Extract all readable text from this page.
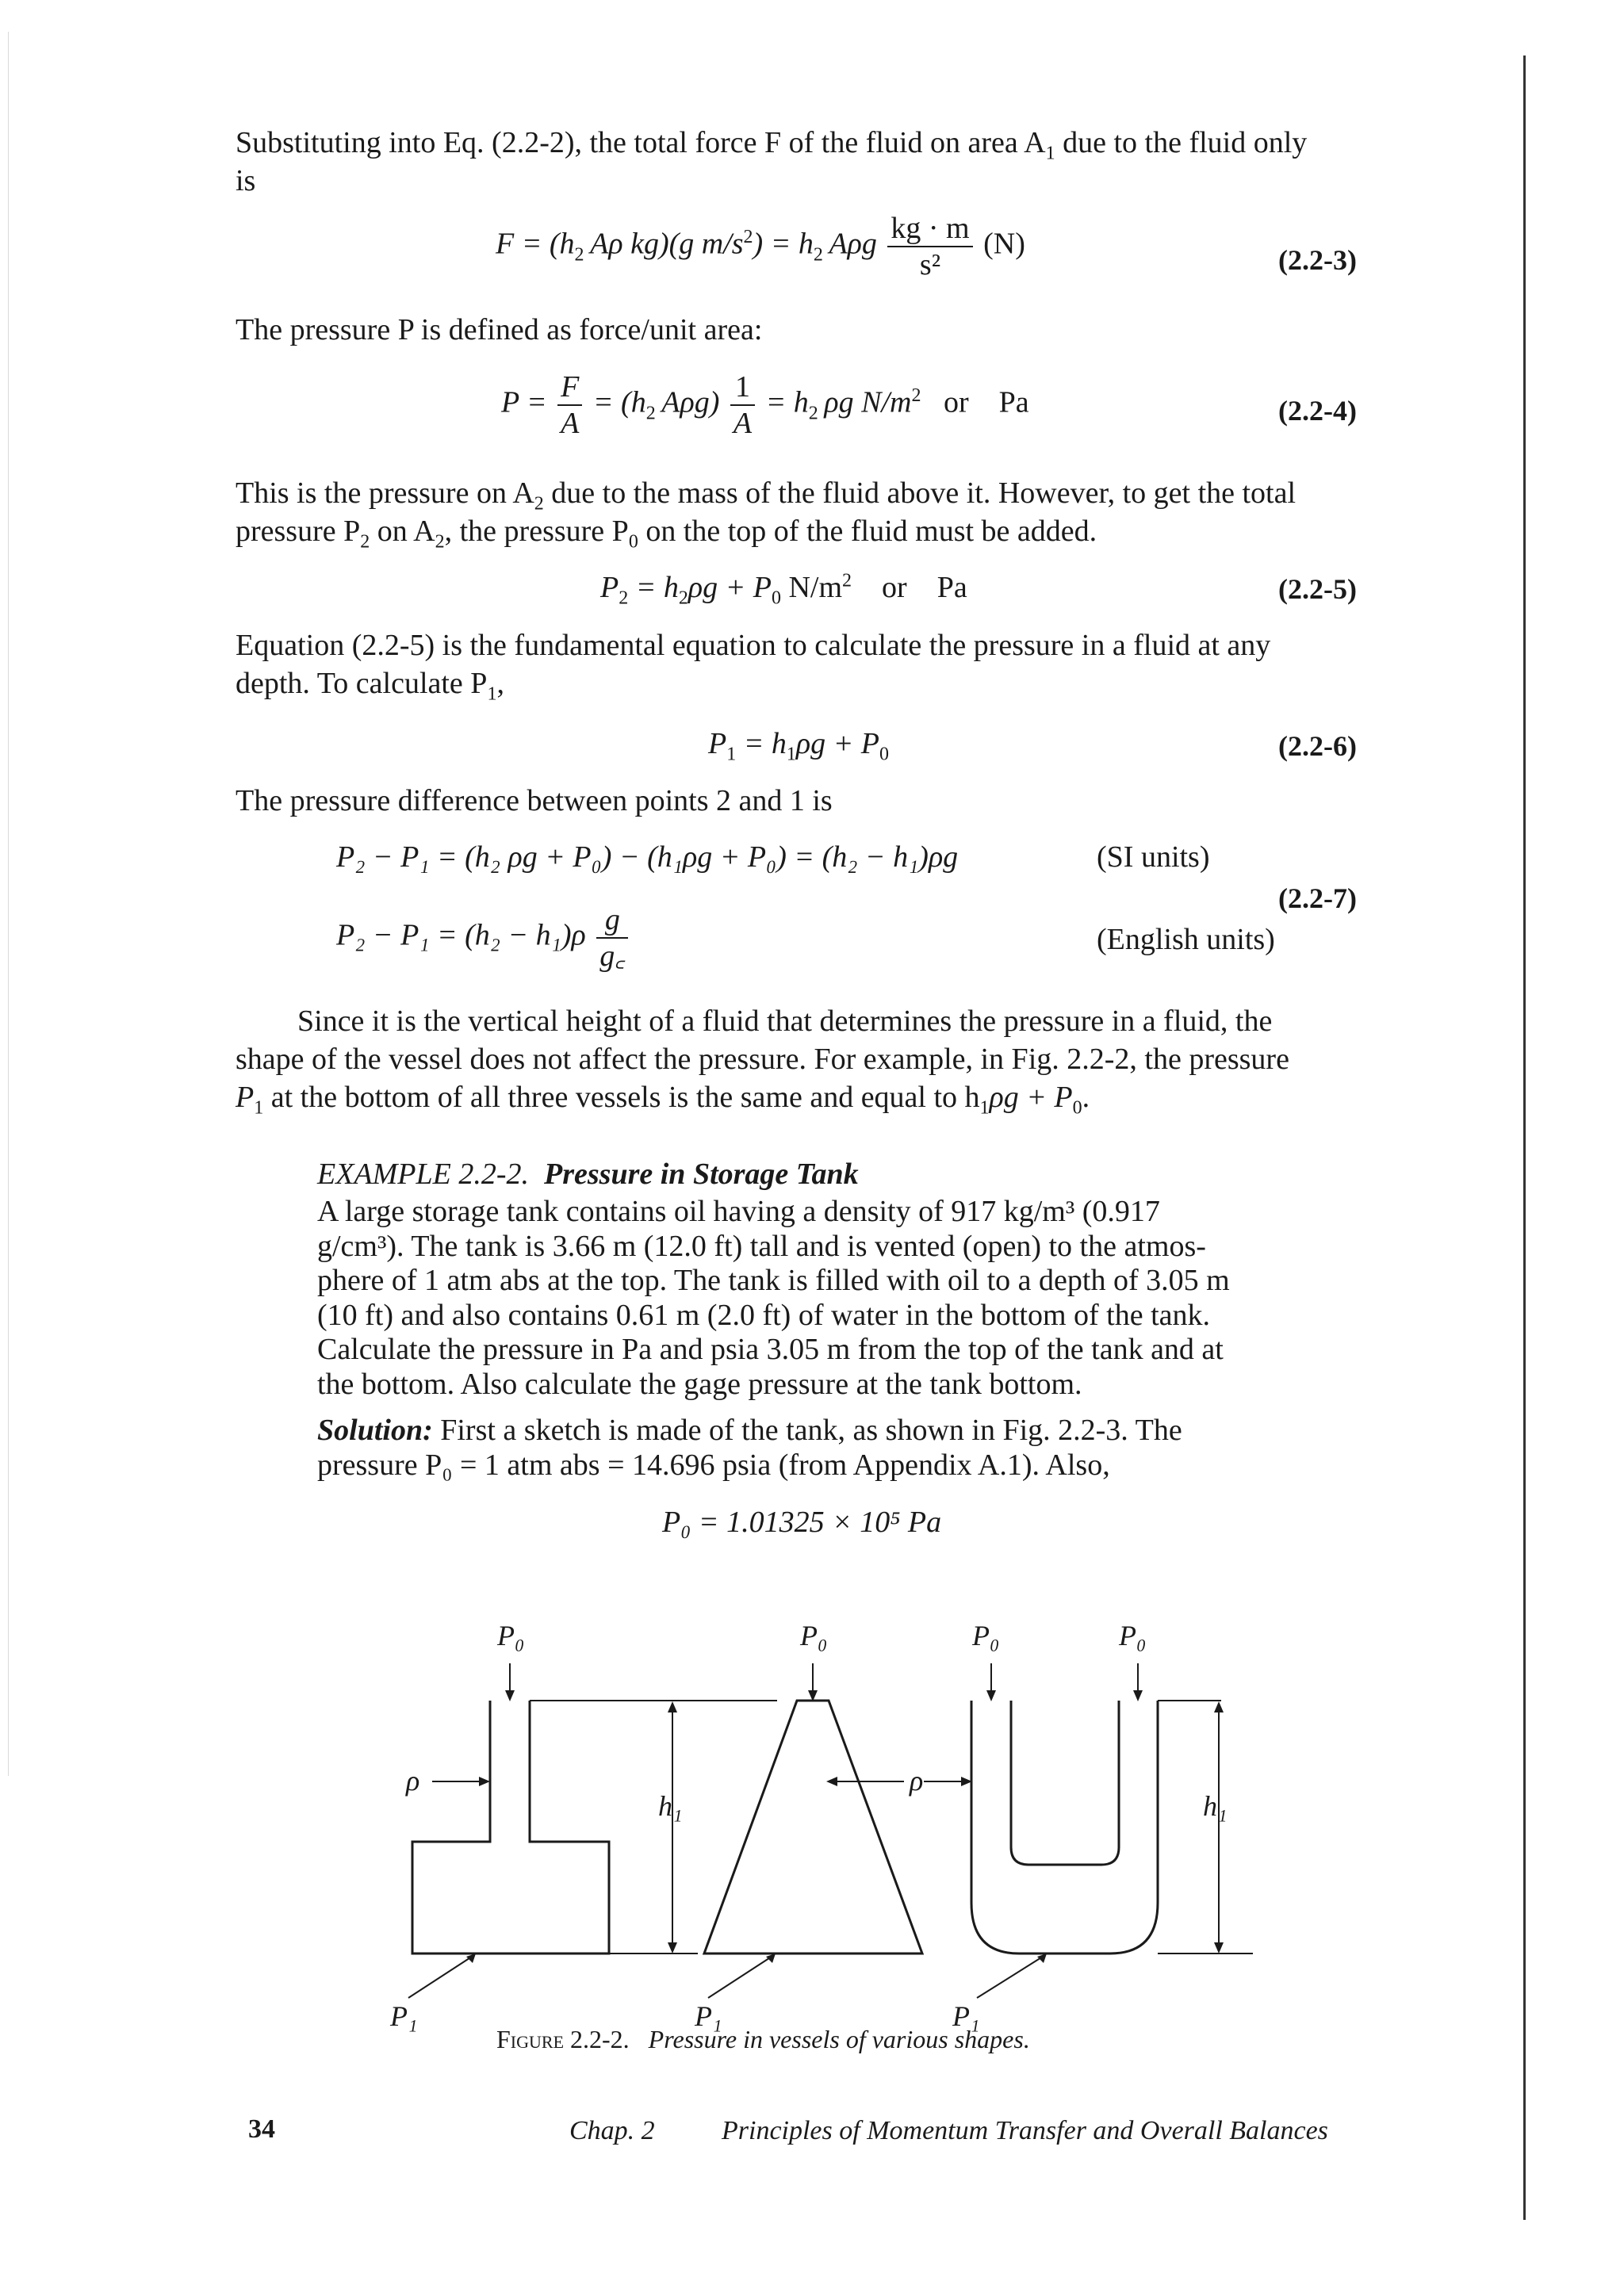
Substituting into Eq. (2.2-2), the total force F of the fluid on area $A_1$ due to the fluid only
is
$F = (h_2$  Aρ kg)(g $m/s^2) = h_2$  Aρg $\frac{kg \cdot m}{\text{s²}} (N)$	(2.2-3)
The pressure P is defined as force/unit area:
$P = \frac{F}{A} = (h_2$  $A\rho g) \frac{1}{A} = h_2$  ρg $N/m^2$ or Pa	(2.2-4)
This is the pressure on $A_2$ due to the mass of the fluid above it. However, to get the total
pressure $P_2$ on $A_2$, the pressure $P_0$ on the top of the fluid must be added.
$P_2 = h_2\rho g + P_0$ $N/m^2$ or Pa	(2.2-5)
Equation (2.2-5) is the fundamental equation to calculate the pressure in a fluid at any
depth. To calculate $P_1$,
$P_1 = h_1\rho g + P_0$	(2.2-6)
The pressure difference between points 2 and 1 is
P₂ − P₁ = (h₂ ρg + P₀) − (h₁ρg + P₀) = (h₂ − h₁)ρg	(SI units)
(2.2-7)
$P_2 - P_1 = (h_2 - h_1)\rho \frac{g}{g꜀}$	(English units)
Since it is the vertical height of a fluid that determines the pressure in a fluid, the
shape of the vessel does not affect the pressure. For example, in Fig. 2.2-2, the pressure
$P_1$ at the bottom of all three vessels is the same and equal to $h_1\rho g + P_0$.
EXAMPLE 2.2-2. Pressure in Storage Tank
A large storage tank contains oil having a density of 917 kg/m³ (0.917
g/cm³). The tank is 3.66 m (12.0 ft) tall and is vented (open) to the atmos-
phere of 1 atm abs at the top. The tank is filled with oil to a depth of 3.05 m
(10 ft) and also contains 0.61 m (2.0 ft) of water in the bottom of the tank.
Calculate the pressure in Pa and psia 3.05 m from the top of the tank and at
the bottom. Also calculate the gage pressure at the tank bottom.
Solution: First a sketch is made of the tank, as shown in Fig. 2.2-3. The
pressure P₀ = 1 atm abs = 14.696 psia (from Appendix A.1). Also,
P₀ = 1.01325 × 10⁵ Pa
P₀	P₀	P₀	P₀
ρ	ρ
h₁	h₁
P₁	P₁	P₁
Figure 2.2-2. Pressure in vessels of various shapes.
34	Chap. 2 Principles of Momentum Transfer and Overall Balances
